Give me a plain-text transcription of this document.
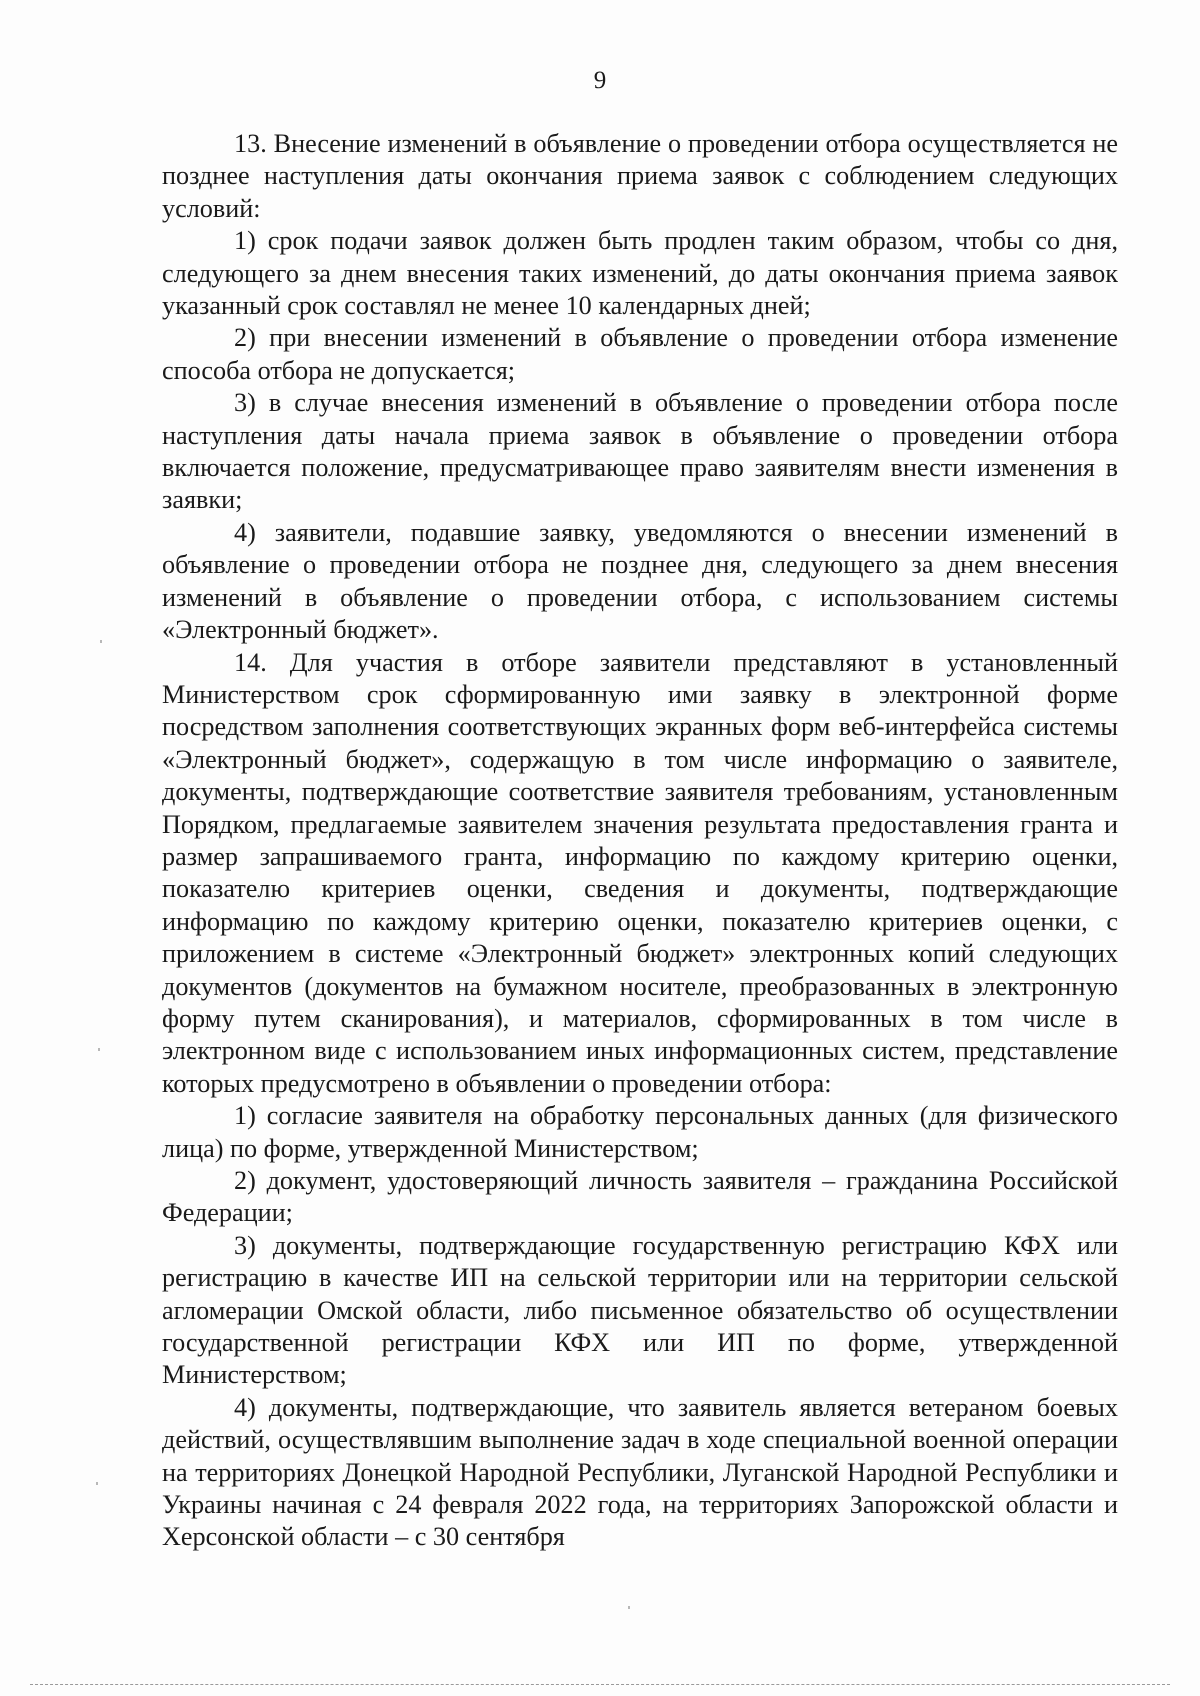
9

13. Внесение изменений в объявление о проведении отбора осуществляется не позднее наступления даты окончания приема заявок с соблюдением следующих условий:

1) срок подачи заявок должен быть продлен таким образом, чтобы со дня, следующего за днем внесения таких изменений, до даты окончания приема заявок указанный срок составлял не менее 10 календарных дней;

2) при внесении изменений в объявление о проведении отбора изменение способа отбора не допускается;

3) в случае внесения изменений в объявление о проведении отбора после наступления даты начала приема заявок в объявление о проведении отбора включается положение, предусматривающее право заявителям внести изменения в заявки;

4) заявители, подавшие заявку, уведомляются о внесении изменений в объявление о проведении отбора не позднее дня, следующего за днем внесения изменений в объявление о проведении отбора, с использованием системы «Электронный бюджет».

14. Для участия в отборе заявители представляют в установленный Министерством срок сформированную ими заявку в электронной форме посредством заполнения соответствующих экранных форм веб-интерфейса системы «Электронный бюджет», содержащую в том числе информацию о заявителе, документы, подтверждающие соответствие заявителя требованиям, установленным Порядком, предлагаемые заявителем значения результата предоставления гранта и размер запрашиваемого гранта, информацию по каждому критерию оценки, показателю критериев оценки, сведения и документы, подтверждающие информацию по каждому критерию оценки, показателю критериев оценки, с приложением в системе «Электронный бюджет» электронных копий следующих документов (документов на бумажном носителе, преобразованных в электронную форму путем сканирования), и материалов, сформированных в том числе в электронном виде с использованием иных информационных систем, представление которых предусмотрено в объявлении о проведении отбора:

1) согласие заявителя на обработку персональных данных (для физического лица) по форме, утвержденной Министерством;

2) документ, удостоверяющий личность заявителя – гражданина Российской Федерации;

3) документы, подтверждающие государственную регистрацию КФХ или регистрацию в качестве ИП на сельской территории или на территории сельской агломерации Омской области, либо письменное обязательство об осуществлении государственной регистрации КФХ или ИП по форме, утвержденной Министерством;

4) документы, подтверждающие, что заявитель является ветераном боевых действий, осуществлявшим выполнение задач в ходе специальной военной операции на территориях Донецкой Народной Республики, Луганской Народной Республики и Украины начиная с 24 февраля 2022 года, на территориях Запорожской области и Херсонской области – с 30 сентября
